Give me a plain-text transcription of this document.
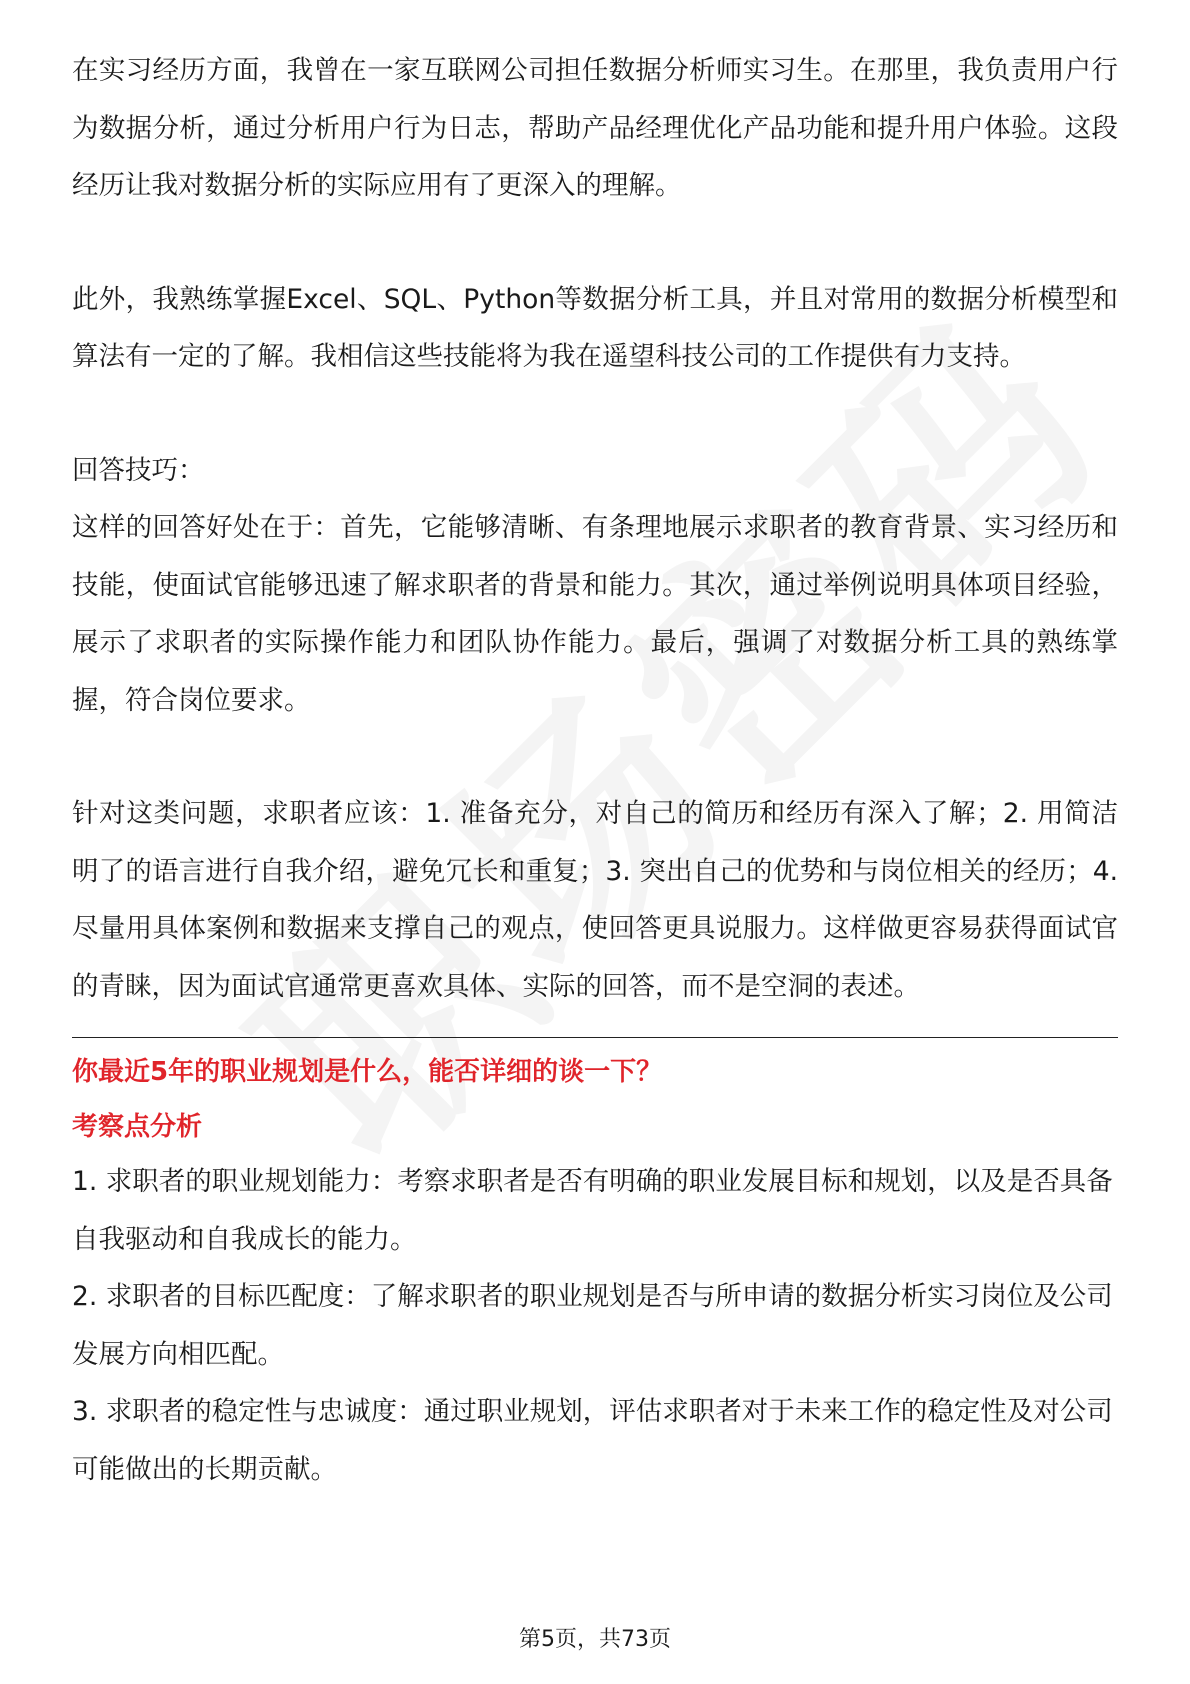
在实习经历方面，我曾在一家互联网公司担任数据分析师实习生。在那里，我负责用户行为数据分析，通过分析用户行为日志，帮助产品经理优化产品功能和提升用户体验。这段经历让我对数据分析的实际应用有了更深入的理解。

此外，我熟练掌握Excel、SQL、Python等数据分析工具，并且对常用的数据分析模型和算法有一定的了解。我相信这些技能将为我在遥望科技公司的工作提供有力支持。

回答技巧：

这样的回答好处在于：首先，它能够清晰、有条理地展示求职者的教育背景、实习经历和技能，使面试官能够迅速了解求职者的背景和能力。其次，通过举例说明具体项目经验，展示了求职者的实际操作能力和团队协作能力。最后，强调了对数据分析工具的熟练掌握，符合岗位要求。

针对这类问题，求职者应该：1. 准备充分，对自己的简历和经历有深入了解；2. 用简洁明了的语言进行自我介绍，避免冗长和重复；3. 突出自己的优势和与岗位相关的经历；4. 尽量用具体案例和数据来支撑自己的观点，使回答更具说服力。这样做更容易获得面试官的青睐，因为面试官通常更喜欢具体、实际的回答，而不是空洞的表述。

你最近5年的职业规划是什么，能否详细的谈一下？

考察点分析

1. 求职者的职业规划能力：考察求职者是否有明确的职业发展目标和规划，以及是否具备自我驱动和自我成长的能力。

2. 求职者的目标匹配度：了解求职者的职业规划是否与所申请的数据分析实习岗位及公司发展方向相匹配。

3. 求职者的稳定性与忠诚度：通过职业规划，评估求职者对于未来工作的稳定性及对公司可能做出的长期贡献。

第5页，共73页
